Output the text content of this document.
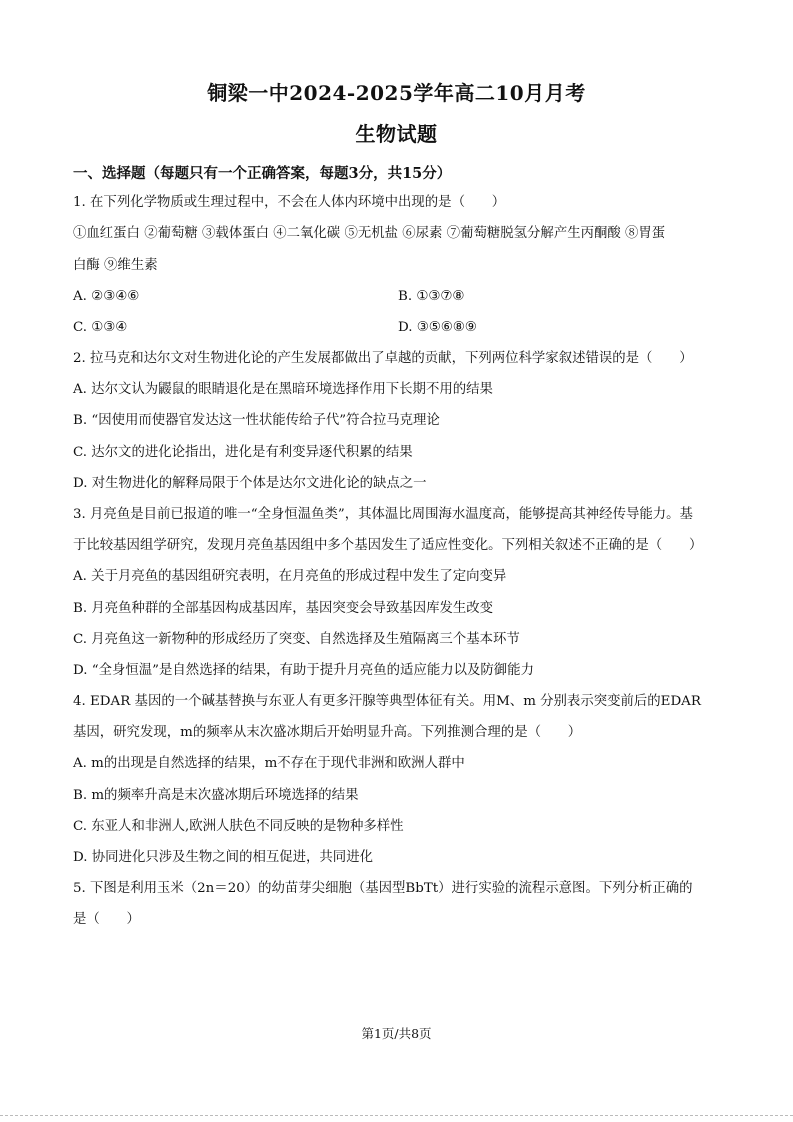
铜梁一中2024-2025学年高二10月月考
生物试题
一、选择题（每题只有一个正确答案，每题3分，共15分）
1. 在下列化学物质或生理过程中，不会在人体内环境中出现的是（　　）
①血红蛋白 ②葡萄糖 ③载体蛋白 ④二氧化碳 ⑤无机盐 ⑥尿素 ⑦葡萄糖脱氢分解产生丙酮酸 ⑧胃蛋
白酶 ⑨维生素
A. ②③④⑥	B. ①③⑦⑧
C. ①③④	D. ③⑤⑥⑧⑨
2. 拉马克和达尔文对生物进化论的产生发展都做出了卓越的贡献，下列两位科学家叙述错误的是（　　）
A. 达尔文认为鼹鼠的眼睛退化是在黑暗环境选择作用下长期不用的结果
B. “因使用而使器官发达这一性状能传给子代”符合拉马克理论
C. 达尔文的进化论指出，进化是有利变异逐代积累的结果
D. 对生物进化的解释局限于个体是达尔文进化论的缺点之一
3. 月亮鱼是目前已报道的唯一“全身恒温鱼类”，其体温比周围海水温度高，能够提高其神经传导能力。基
于比较基因组学研究，发现月亮鱼基因组中多个基因发生了适应性变化。下列相关叙述不正确的是（　　）
A. 关于月亮鱼的基因组研究表明，在月亮鱼的形成过程中发生了定向变异
B. 月亮鱼种群的全部基因构成基因库，基因突变会导致基因库发生改变
C. 月亮鱼这一新物种的形成经历了突变、自然选择及生殖隔离三个基本环节
D. “全身恒温”是自然选择的结果，有助于提升月亮鱼的适应能力以及防御能力
4. EDAR 基因的一个碱基替换与东亚人有更多汗腺等典型体征有关。用M、m 分别表示突变前后的EDAR
基因，研究发现，m的频率从末次盛冰期后开始明显升高。下列推测合理的是（　　）
A. m的出现是自然选择的结果，m不存在于现代非洲和欧洲人群中
B. m的频率升高是末次盛冰期后环境选择的结果
C. 东亚人和非洲人,欧洲人肤色不同反映的是物种多样性
D. 协同进化只涉及生物之间的相互促进，共同进化
5. 下图是利用玉米（2n＝20）的幼苗芽尖细胞（基因型BbTt）进行实验的流程示意图。下列分析正确的
是（　　）
第1页/共8页
